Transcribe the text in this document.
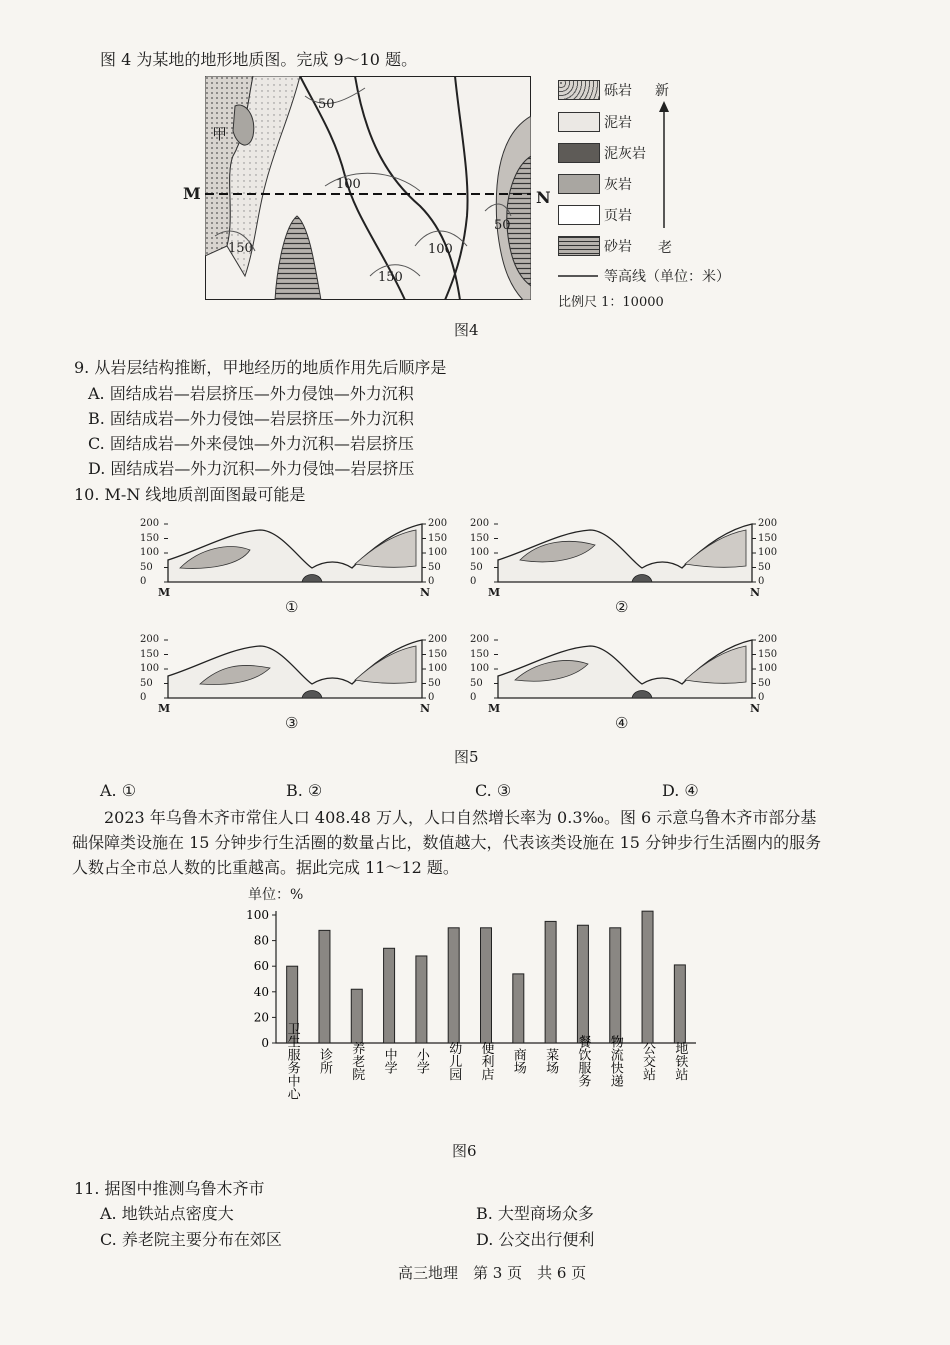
图 4 为某地的地形地质图。完成 9～10 题。
甲
M	N
50
100
150	100
150
50
砾岩
泥岩
泥灰岩
灰岩
页岩
砂岩
新
老
等高线（单位：米）
比例尺 1：10000
图4
9. 从岩层结构推断，甲地经历的地质作用先后顺序是
A. 固结成岩—岩层挤压—外力侵蚀—外力沉积
B. 固结成岩—外力侵蚀—岩层挤压—外力沉积
C. 固结成岩—外来侵蚀—外力沉积—岩层挤压
D. 固结成岩—外力沉积—外力侵蚀—岩层挤压
10. M-N 线地质剖面图最可能是
200
150
100
50
0
200
150
100
50
0
M	N
①
200
150
100
50
0
200
150
100
50
0
M	N
②
200
150
100
50
0
200
150
100
50
0
M	N
③
200
150
100
50
0
200
150
100
50
0
M	N
④
图5
A. ①	B. ②	C. ③	D. ④
2023 年乌鲁木齐市常住人口 408.48 万人，人口自然增长率为 0.3‰。图 6 示意乌鲁木齐市部分基础保障类设施在 15 分钟步行生活圈的数量占比，数值越大，代表该类设施在 15 分钟步行生活圈内的服务人数占全市总人数的比重越高。据此完成 11～12 题。
单位：%
0
20
40
60
80
100
卫生服务中心 诊所 养老院 中学 小学 幼儿园 便利店 商场 菜场 餐饮服务 物流快递 公交站 地铁站
图6
11. 据图中推测乌鲁木齐市
A. 地铁站点密度大	B. 大型商场众多
C. 养老院主要分布在郊区	D. 公交出行便利
高三地理　第 3 页　共 6 页
